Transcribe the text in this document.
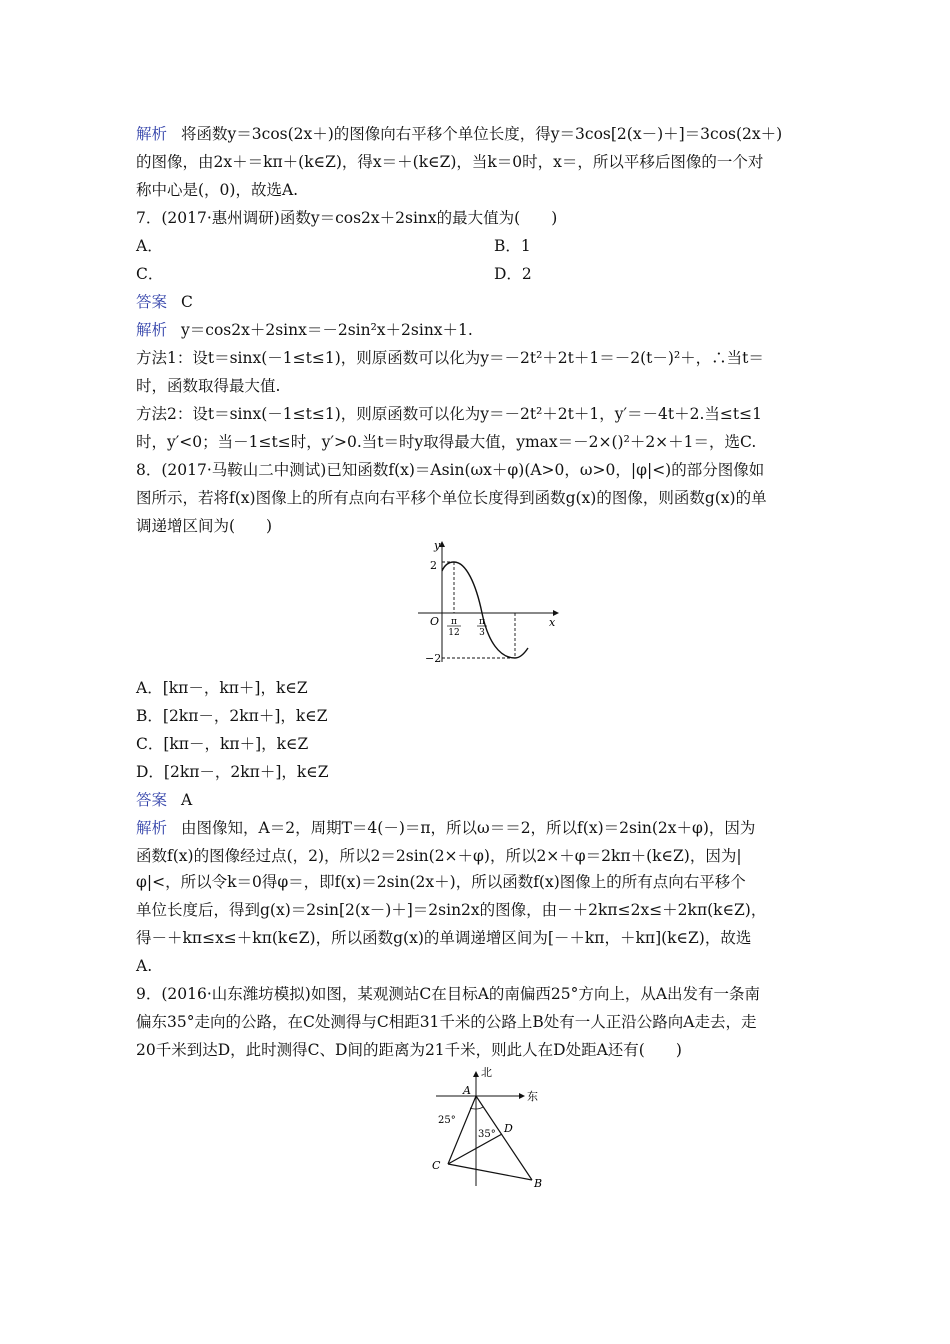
解析 将函数y＝3cos(2x＋)的图像向右平移个单位长度，得y＝3cos[2(x－)＋]＝3cos(2x＋)
的图像，由2x＋＝kπ＋(k∈Z)，得x＝＋(k∈Z)，当k＝0时，x＝，所以平移后图像的一个对
称中心是(，0)，故选A.
7．(2017·惠州调研)函数y＝cos2x＋2sinx的最大值为(　　)
A．	B．1
C．	D．2
答案 C
解析 y＝cos2x＋2sinx＝－2sin²x＋2sinx＋1.
方法1：设t＝sinx(－1≤t≤1)，则原函数可以化为y＝－2t²＋2t＋1＝－2(t－)²＋，∴当t＝
时，函数取得最大值.
方法2：设t＝sinx(－1≤t≤1)，则原函数可以化为y＝－2t²＋2t＋1，y′＝－4t＋2.当≤t≤1
时，y′<0；当－1≤t≤时，y′>0.当t＝时y取得最大值，ymax＝－2×()²＋2×＋1＝，选C.
8．(2017·马鞍山二中测试)已知函数f(x)＝Asin(ωx＋φ)(A>0，ω>0，|φ|<)的部分图像如
图所示，若将f(x)图像上的所有点向右平移个单位长度得到函数g(x)的图像，则函数g(x)的单
调递增区间为(　　)
y
x
O
2
−2
π
12
π
3
A．[kπ－，kπ＋]，k∈Z
B．[2kπ－，2kπ＋]，k∈Z
C．[kπ－，kπ＋]，k∈Z
D．[2kπ－，2kπ＋]，k∈Z
答案 A
解析 由图像知，A＝2，周期T＝4(－)＝π，所以ω＝＝2，所以f(x)＝2sin(2x＋φ)，因为
函数f(x)的图像经过点(，2)，所以2＝2sin(2×＋φ)，所以2×＋φ＝2kπ＋(k∈Z)，因为|
φ|<，所以令k＝0得φ＝，即f(x)＝2sin(2x＋)，所以函数f(x)图像上的所有点向右平移个
单位长度后，得到g(x)＝2sin[2(x－)＋]＝2sin2x的图像，由－＋2kπ≤2x≤＋2kπ(k∈Z)，
得－＋kπ≤x≤＋kπ(k∈Z)，所以函数g(x)的单调递增区间为[－＋kπ，＋kπ](k∈Z)，故选
A.
9．(2016·山东潍坊模拟)如图，某观测站C在目标A的南偏西25°方向上，从A出发有一条南
偏东35°走向的公路，在C处测得与C相距31千米的公路上B处有一人正沿公路向A走去，走
20千米到达D，此时测得C、D间的距离为21千米，则此人在D处距A还有(　　)
北
东
A
B
C
D
25°
35°
